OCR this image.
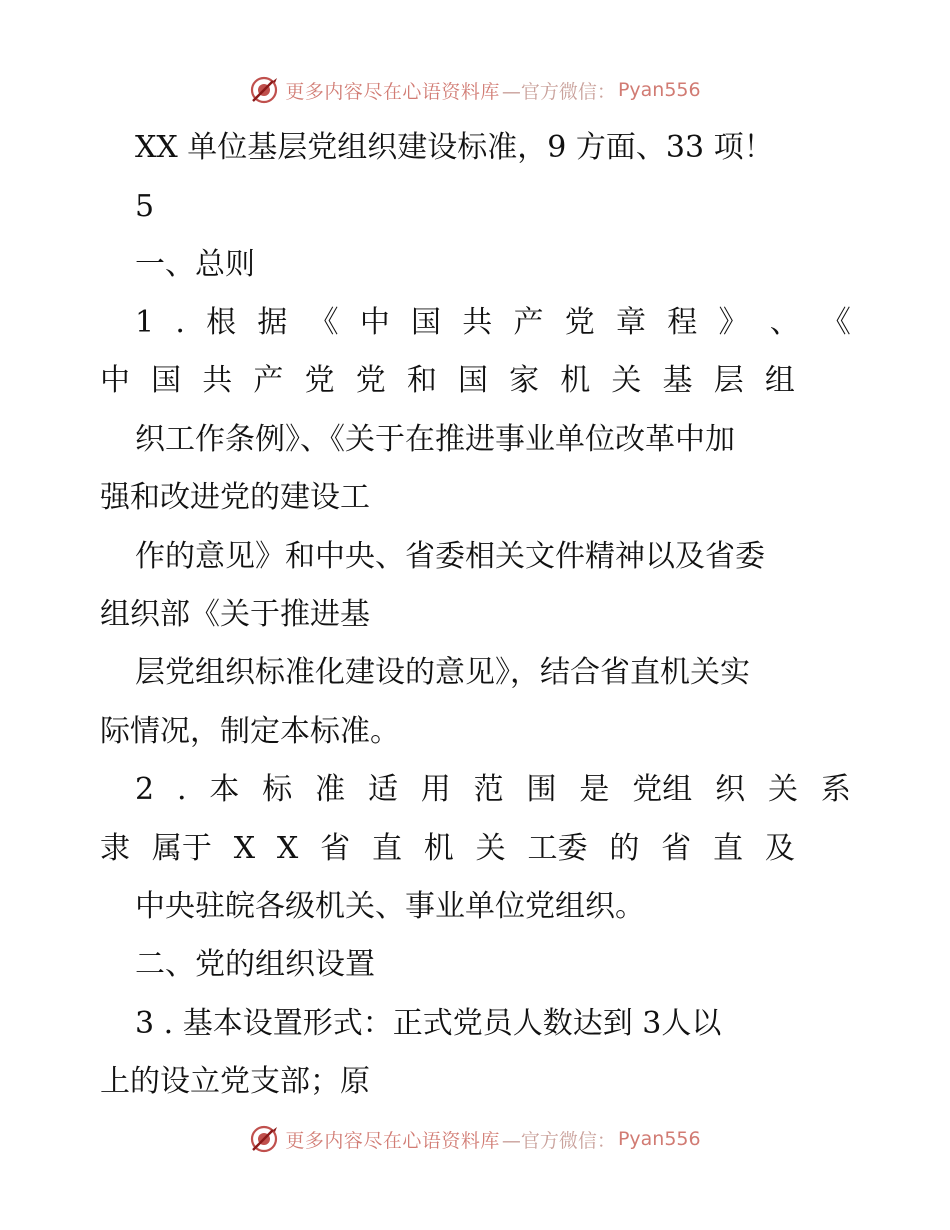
更多内容尽在心语资料库 —官方微信： Pyan556
XX 单位基层党组织建设标准，9 方面、33 项！
5
一、总则
1 . 根 据 《 中 国 共 产 党 章 程 》 、 《
中 国 共 产 党 党 和 国 家 机 关 基 层 组
织工作条例》、《关于在推进事业单位改革中加
强和改进党的建设工
作的意见》和中央、省委相关文件精神以及省委
组织部《关于推进基
层党组织标准化建设的意见》，结合省直机关实
际情况，制定本标准。
2 . 本 标 准 适 用 范 围 是 党组 织 关 系
隶 属于 X X 省 直 机 关 工委 的 省 直 及
中央驻皖各级机关、事业单位党组织。
二、党的组织设置
3 . 基本设置形式：正式党员人数达到 3人以
上的设立党支部；原
更多内容尽在心语资料库 —官方微信： Pyan556
